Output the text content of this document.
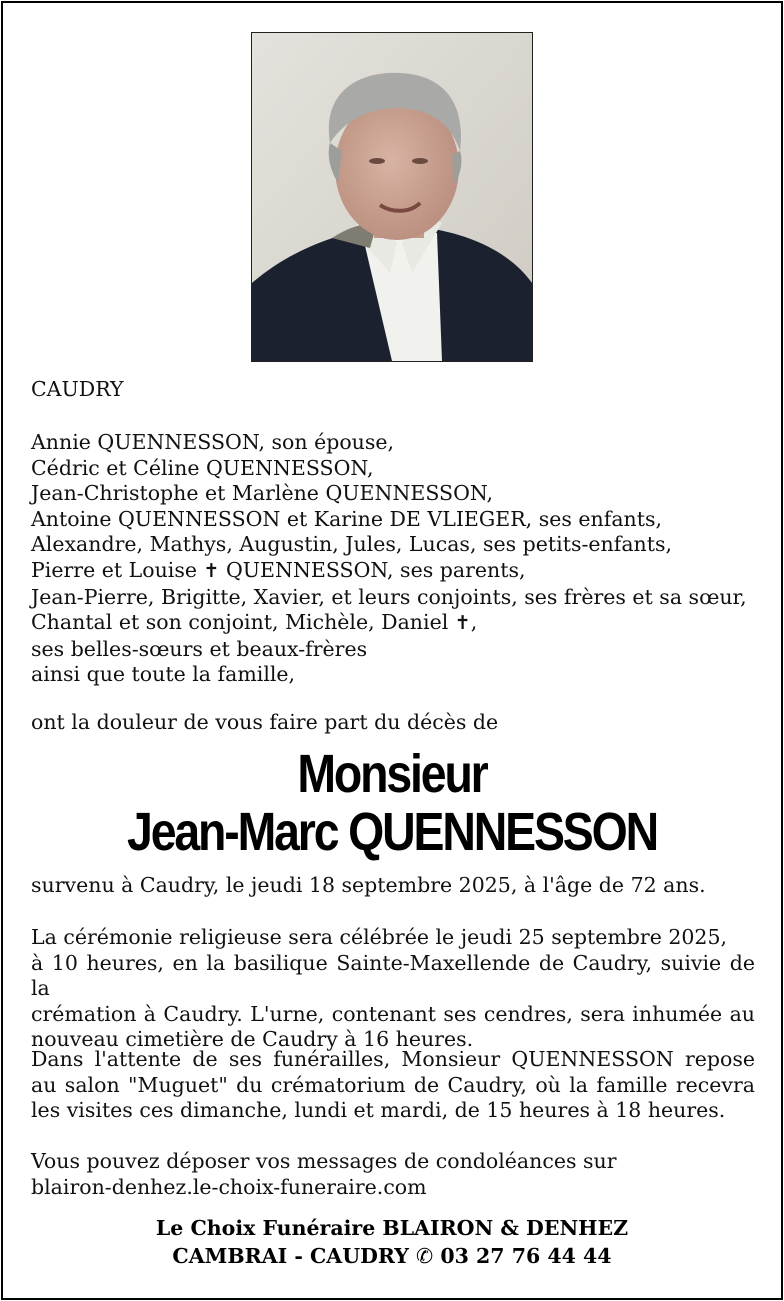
CAUDRY
Annie QUENNESSON, son épouse,
Cédric et Céline QUENNESSON,
Jean-Christophe et Marlène QUENNESSON,
Antoine QUENNESSON et Karine DE VLIEGER, ses enfants,
Alexandre, Mathys, Augustin, Jules, Lucas, ses petits-enfants,
Pierre et Louise ✝ QUENNESSON, ses parents,
Jean-Pierre, Brigitte, Xavier, et leurs conjoints, ses frères et sa sœur,
Chantal et son conjoint, Michèle, Daniel ✝,
ses belles-sœurs et beaux-frères
ainsi que toute la famille,
ont la douleur de vous faire part du décès de
Monsieur
Jean-Marc QUENNESSON
survenu à Caudry, le jeudi 18 septembre 2025, à l'âge de 72 ans.
La cérémonie religieuse sera célébrée le jeudi 25 septembre 2025,
à 10 heures, en la basilique Sainte-Maxellende de Caudry, suivie de la
crémation à Caudry. L'urne, contenant ses cendres, sera inhumée au
nouveau cimetière de Caudry à 16 heures.
Dans l'attente de ses funérailles, Monsieur QUENNESSON repose
au salon "Muguet" du crématorium de Caudry, où la famille recevra
les visites ces dimanche, lundi et mardi, de 15 heures à 18 heures.
Vous pouvez déposer vos messages de condoléances sur
blairon-denhez.le-choix-funeraire.com
Le Choix Funéraire BLAIRON & DENHEZ
CAMBRAI - CAUDRY ✆ 03 27 76 44 44
